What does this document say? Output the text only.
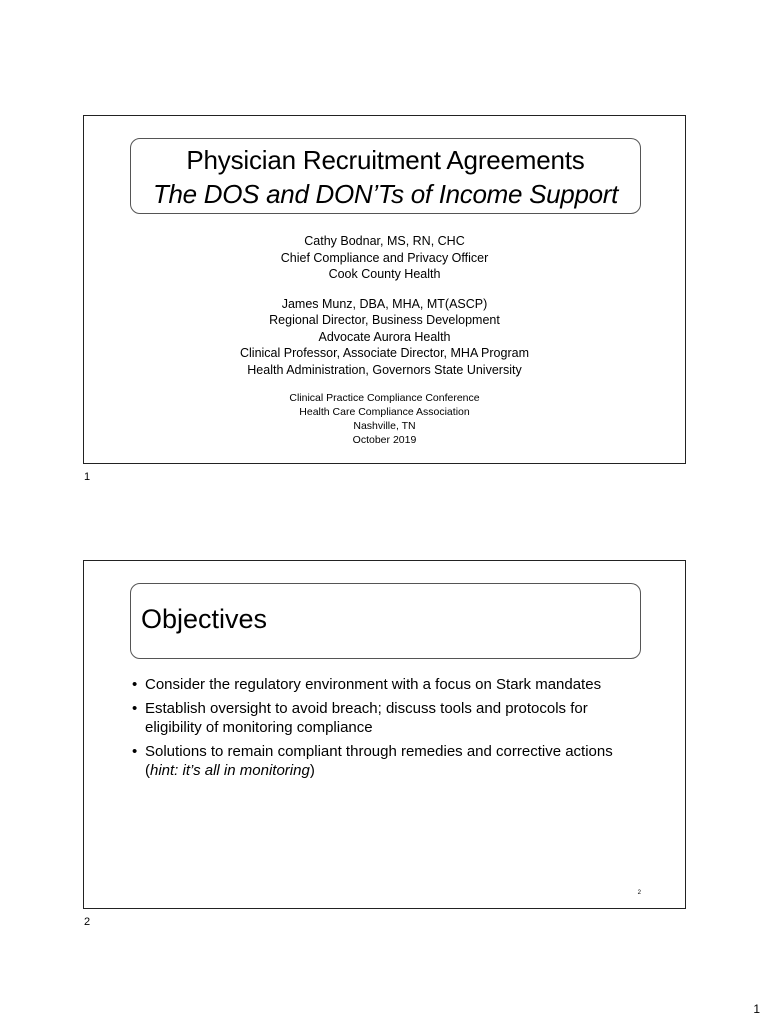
Physician Recruitment Agreements
The DOS and DON’Ts of Income Support
Cathy Bodnar, MS, RN, CHC
Chief Compliance and Privacy Officer
Cook County Health
James Munz, DBA, MHA, MT(ASCP)
Regional Director, Business Development
Advocate Aurora Health
Clinical Professor, Associate Director, MHA Program
Health Administration, Governors State University
Clinical Practice Compliance Conference
Health Care Compliance Association
Nashville, TN
October 2019
1
Objectives
• Consider the regulatory environment with a focus on Stark mandates
• Establish oversight to avoid breach; discuss tools and protocols for eligibility of monitoring compliance
• Solutions to remain compliant through remedies and corrective actions (hint: it’s all in monitoring)
2
2
1
